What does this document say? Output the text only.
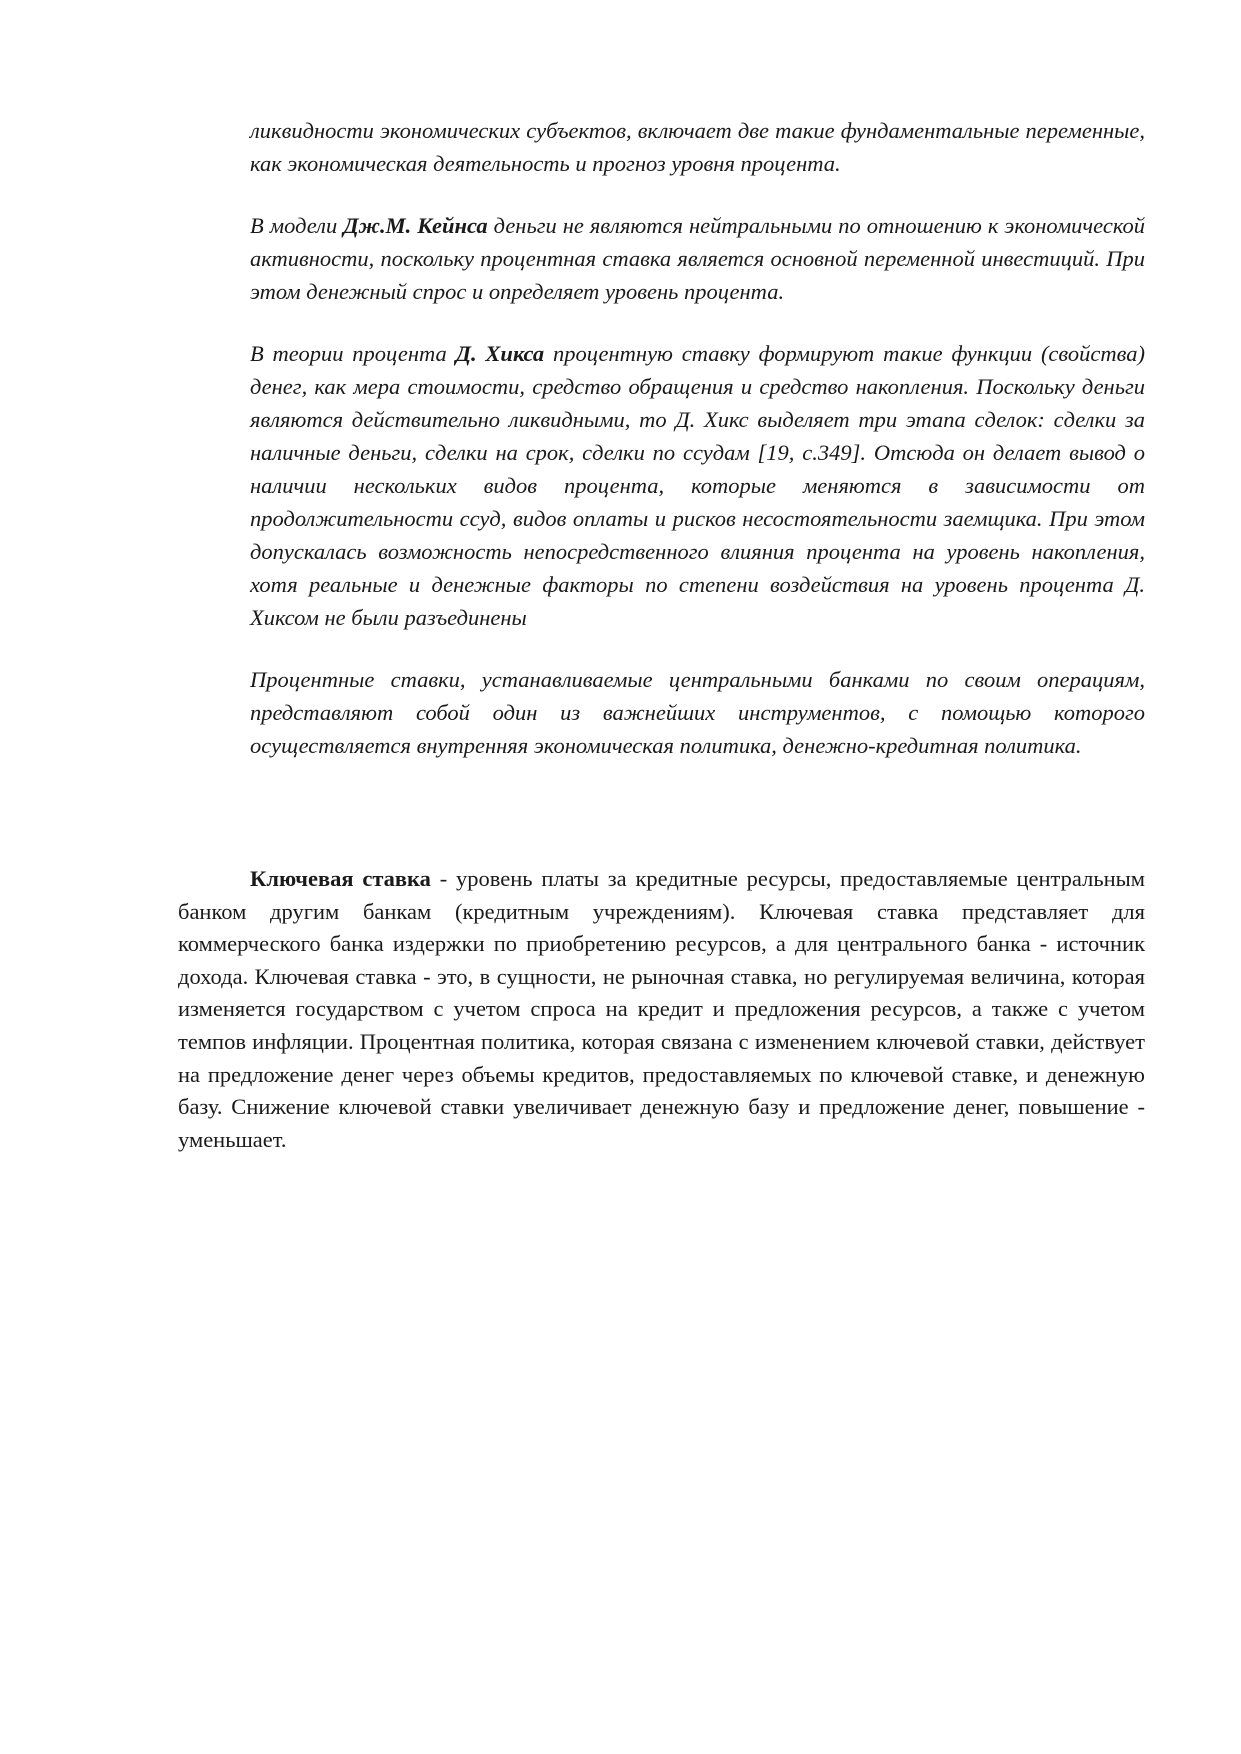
ликвидности экономических субъектов, включает две такие фундаментальные переменные, как экономическая деятельность и прогноз уровня процента.

В модели Дж.М. Кейнса деньги не являются нейтральными по отношению к экономической активности, поскольку процентная ставка является основной переменной инвестиций. При этом денежный спрос и определяет уровень процента.

В теории процента Д. Хикса процентную ставку формируют такие функции (свойства) денег, как мера стоимости, средство обращения и средство накопления. Поскольку деньги являются действительно ликвидными, то Д. Хикс выделяет три этапа сделок: сделки за наличные деньги, сделки на срок, сделки по ссудам [19, с.349]. Отсюда он делает вывод о наличии нескольких видов процента, которые меняются в зависимости от продолжительности ссуд, видов оплаты и рисков несостоятельности заемщика. При этом допускалась возможность непосредственного влияния процента на уровень накопления, хотя реальные и денежные факторы по степени воздействия на уровень процента Д. Хиксом не были разъединены

Процентные ставки, устанавливаемые центральными банками по своим операциям, представляют собой один из важнейших инструментов, с помощью которого осуществляется внутренняя экономическая политика, денежно-кредитная политика.

Ключевая ставка - уровень платы за кредитные ресурсы, предоставляемые центральным банком другим банкам (кредитным учреждениям). Ключевая ставка представляет для коммерческого банка издержки по приобретению ресурсов, а для центрального банка - источник дохода. Ключевая ставка - это, в сущности, не рыночная ставка, но регулируемая величина, которая изменяется государством с учетом спроса на кредит и предложения ресурсов, а также с учетом темпов инфляции. Процентная политика, которая связана с изменением ключевой ставки, действует на предложение денег через объемы кредитов, предоставляемых по ключевой ставке, и денежную базу. Снижение ключевой ставки увеличивает денежную базу и предложение денег, повышение - уменьшает.
